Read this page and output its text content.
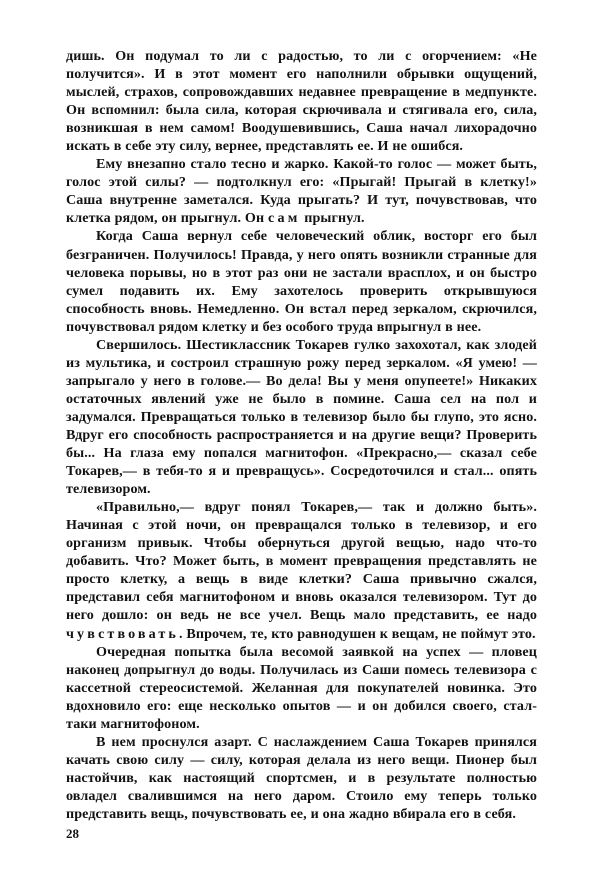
дишь. Он подумал то ли с радостью, то ли с огорчением: «Не получится». И в этот момент его наполнили обрывки ощущений, мыслей, страхов, сопровождавших недавнее превращение в медпункте. Он вспомнил: была сила, которая скрючивала и стягивала его, сила, возникшая в нем самом! Воодушевившись, Саша начал лихорадочно искать в себе эту силу, вернее, представлять ее. И не ошибся.

Ему внезапно стало тесно и жарко. Какой-то голос — может быть, голос этой силы? — подтолкнул его: «Прыгай! Прыгай в клетку!» Саша внутренне заметался. Куда прыгать? И тут, почувствовав, что клетка рядом, он прыгнул. Он сам прыгнул.

Когда Саша вернул себе человеческий облик, восторг его был безграничен. Получилось! Правда, у него опять возникли странные для человека порывы, но в этот раз они не застали врасплох, и он быстро сумел подавить их. Ему захотелось проверить открывшуюся способность вновь. Немедленно. Он встал перед зеркалом, скрючился, почувствовал рядом клетку и без особого труда впрыгнул в нее.

Свершилось. Шестиклассник Токарев гулко захохотал, как злодей из мультика, и состроил страшную рожу перед зеркалом. «Я умею! — запрыгало у него в голове.— Во дела! Вы у меня опупеете!» Никаких остаточных явлений уже не было в помине. Саша сел на пол и задумался. Превращаться только в телевизор было бы глупо, это ясно. Вдруг его способность распространяется и на другие вещи? Проверить бы... На глаза ему попался магнитофон. «Прекрасно,— сказал себе Токарев,— в тебя-то я и превращусь». Сосредоточился и стал... опять телевизором.

«Правильно,— вдруг понял Токарев,— так и должно быть». Начиная с этой ночи, он превращался только в телевизор, и его организм привык. Чтобы обернуться другой вещью, надо что-то добавить. Что? Может быть, в момент превращения представлять не просто клетку, а вещь в виде клетки? Саша привычно сжался, представил себя магнитофоном и вновь оказался телевизором. Тут до него дошло: он ведь не все учел. Вещь мало представить, ее надо чувствовать. Впрочем, те, кто равнодушен к вещам, не поймут это.

Очередная попытка была весомой заявкой на успех — пловец наконец допрыгнул до воды. Получилась из Саши помесь телевизора с кассетной стереосистемой. Желанная для покупателей новинка. Это вдохновило его: еще несколько опытов — и он добился своего, стал-таки магнитофоном.

В нем проснулся азарт. С наслаждением Саша Токарев принялся качать свою силу — силу, которая делала из него вещи. Пионер был настойчив, как настоящий спортсмен, и в результате полностью овладел свалившимся на него даром. Стоило ему теперь только представить вещь, почувствовать ее, и она жадно вбирала его в себя.

28
